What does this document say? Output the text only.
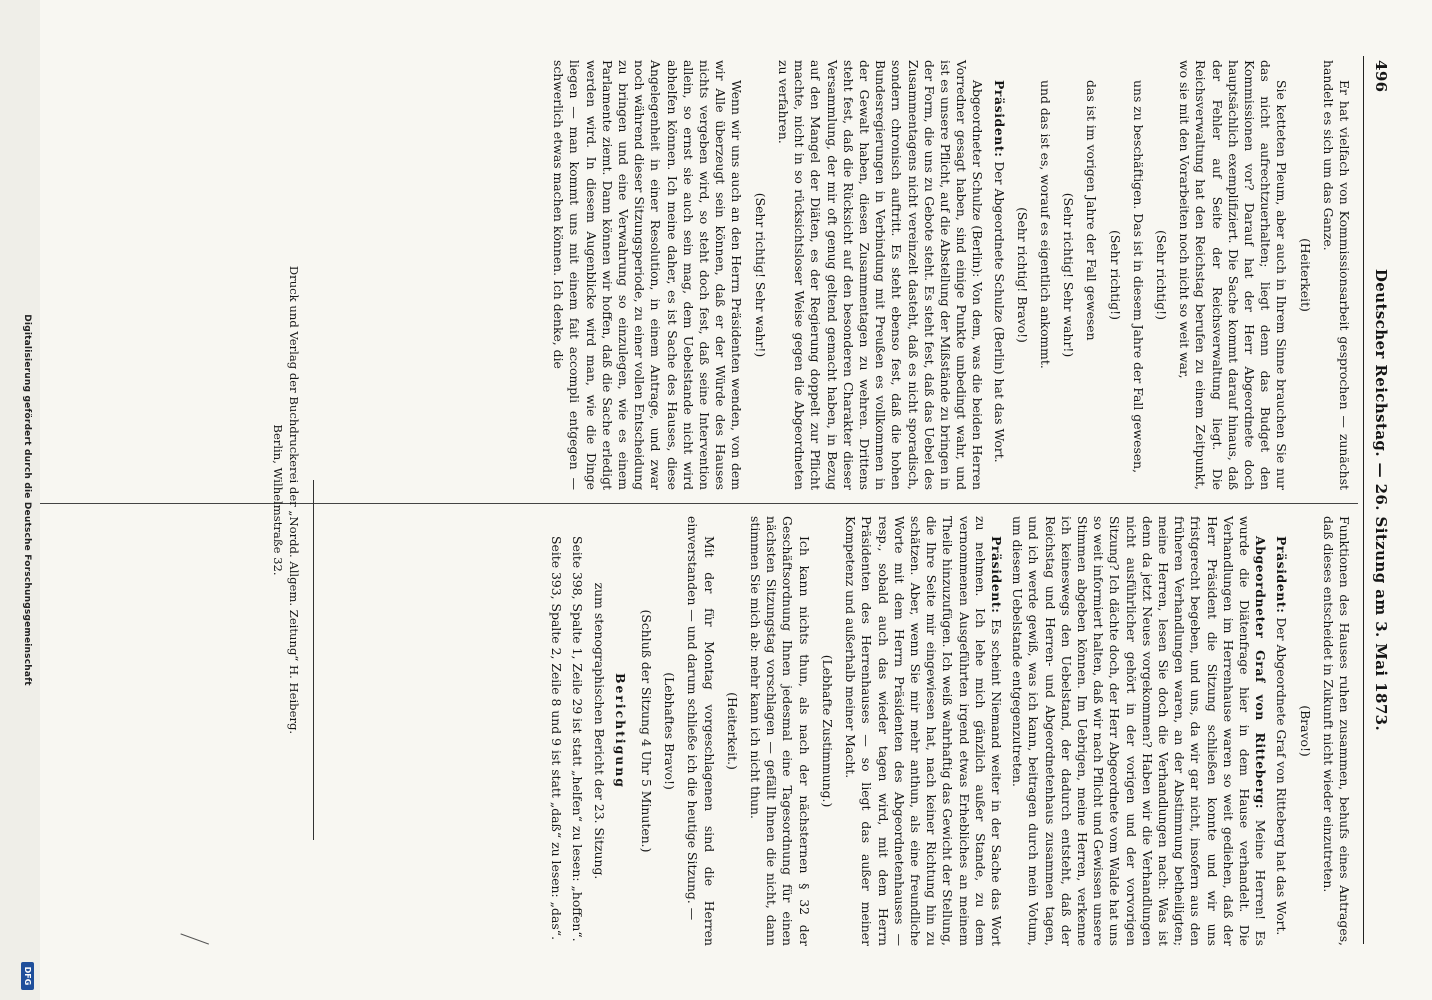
496
Deutscher Reichstag. — 26. Sitzung am 3. Mai 1873.

Er hat vielfach von Kommissionsarbeit gesprochen — zunächst handelt es sich um das Ganze.

(Heiterkeit)

Sie ketteten Pleum, aber auch in Ihrem Sinne brauchen Sie nur das nicht aufrechtzuerhalten; liegt denn das Budget den Kommissionen vor? Darauf hat der Herr Abgeordnete doch hauptsächlich exemplifiziert. Die Sache kommt darauf hinaus, daß der Fehler auf Seite der Reichsverwaltung liegt. Die Reichsverwaltung hat den Reichstag berufen zu einem Zeitpunkt, wo sie mit den Vorarbeiten noch nicht so weit war,

(Sehr richtig!)

uns zu beschäftigen. Das ist in diesem Jahre der Fall gewesen,

(Sehr richtig!)

das ist im vorigen Jahre der Fall gewesen

(Sehr richtig! Sehr wahr!)

und das ist es, worauf es eigentlich ankommt.

(Sehr richtig! Bravo!)

Präsident: Der Abgeordnete Schulze (Berlin) hat das Wort.

Abgeordneter Schulze (Berlin): Von dem, was die beiden Herren Vorredner gesagt haben, sind einige Punkte unbedingt wahr, und ist es unsere Pflicht, auf die Abstellung der Mißstände zu bringen in der Form, die uns zu Gebote steht. Es steht fest, daß das Uebel des Zusammentagens nicht vereinzelt dasteht, daß es nicht sporadisch, sondern chronisch auftritt. Es steht ebenso fest, daß die hohen Bundesregierungen in Verbindung mit Preußen es vollkommen in der Gewalt haben, diesen Zusammentagen zu wehren. Drittens steht fest, daß die Rücksicht auf den besonderen Charakter dieser Versammlung, der mir oft genug geltend gemacht haben, in Bezug auf den Mangel der Diäten, es der Regierung doppelt zur Pflicht machte, nicht in so rücksichtsloser Weise gegen die Abgeordneten zu verfahren.

(Sehr richtig! Sehr wahr!)

Wenn wir uns auch an den Herrn Präsidenten wenden, von dem wir Alle überzeugt sein können, daß er der Würde des Hauses nichts vergeben wird, so steht doch fest, daß seine Intervention allein, so ernst sie auch sein mag, dem Uebelstande nicht wird abhelfen können. Ich meine daher, es ist Sache des Hauses, diese Angelegenheit in einer Resolution, in einem Antrage, und zwar noch während dieser Sitzungsperiode, zu einer vollen Entscheidung zu bringen und eine Verwahrung so einzulegen, wie es einem Parlamente ziemt. Dann können wir hoffen, daß die Sache erledigt werden wird. In diesem Augenblicke wird man, wie die Dinge liegen — man kommt uns mit einem fait accompli entgegen — schwerlich etwas machen können. Ich denke, die

Funktionen des Hauses ruhen zusammen, behufs eines Antrages, daß dieses entscheidet in Zukunft nicht wieder einzutreten.

(Bravo!)

Präsident: Der Abgeordnete Graf von Ritteberg hat das Wort.

Abgeordneter Graf von Ritteberg: Meine Herren! Es wurde die Diätenfrage hier in dem Hause verhandelt. Die Verhandlungen im Herrenhause waren so weit gediehen, daß der Herr Präsident die Sitzung schließen konnte und wir uns fristgerecht begeben, und uns, da wir gar nicht, insofern aus den früheren Verhandlungen waren, an der Abstimmung betheiligten; meine Herren, lesen Sie doch die Verhandlungen nach: Was ist denn da jetzt Neues vorgekommen? Haben wir die Verhandlungen nicht ausführlicher gehört in der vorigen und der vorvorigen Sitzung? Ich dächte doch, der Herr Abgeordnete vom Walde hat uns so weit informiert halten, daß wir nach Pflicht und Gewissen unsere Stimmen abgeben können. Im Uebrigen, meine Herren, verkenne ich keineswegs den Uebelstand, der dadurch entsteht, daß der Reichstag und Herren- und Abgeordnetenhaus zusammen tagen, und ich werde gewiß, was ich kann, beitragen durch mein Votum, um diesem Uebelstande entgegenzutreten.

Präsident: Es scheint Niemand weiter in der Sache das Wort zu nehmen. Ich lehe mich gänzlich außer Stande, zu dem vernommenen Ausgeführten irgend etwas Erhebliches an meinem Theile hinzuzufügen. Ich weiß wahrhaftig das Gewicht der Stellung, die Ihre Seite mir eingewiesen hat, nach keiner Richtung hin zu schätzen. Aber, wenn Sie mir mehr anthun, als eine freundliche Worte mit dem Herrn Präsidenten des Abgeordnetenhauses — resp., sobald auch das wieder tagen wird, mit dem Herrn Präsidenten des Herrenhauses — so liegt das außer meiner Kompetenz und außerhalb meiner Macht.

(Lebhafte Zustimmung.)

Ich kann nichts thun, als nach der nächsternen § 32 der Geschäftsordnung Ihnen jedesmal eine Tagesordnung für einen nächsten Sitzungstag vorschlagen — gefällt Ihnen die nicht, dann stimmen Sie mich ab: mehr kann ich nicht thun.

(Heiterkeit.)

Mit der für Montag vorgeschlagenen sind die Herren einverstanden — und darum schließe ich die heutige Sitzung. —

(Lebhaftes Bravo!)

(Schluß der Sitzung 4 Uhr 5 Minuten.)

Berichtigung

zum stenographischen Bericht der 23. Sitzung.

Seite 398, Spalte 1, Zeile 29 ist statt „helfen“ zu lesen: „hoffen“.

Seite 393, Spalte 2, Zeile 8 und 9 ist statt „daß“ zu lesen: „das“.

Druck und Verlag der Buchdruckerei der „Nordd. Allgem. Zeitung“ H. Heiberg.
Berlin, Wilhelmstraße 32.
Digitalisierung gefördert durch die Deutsche Forschungsgemeinschaft
DFG
